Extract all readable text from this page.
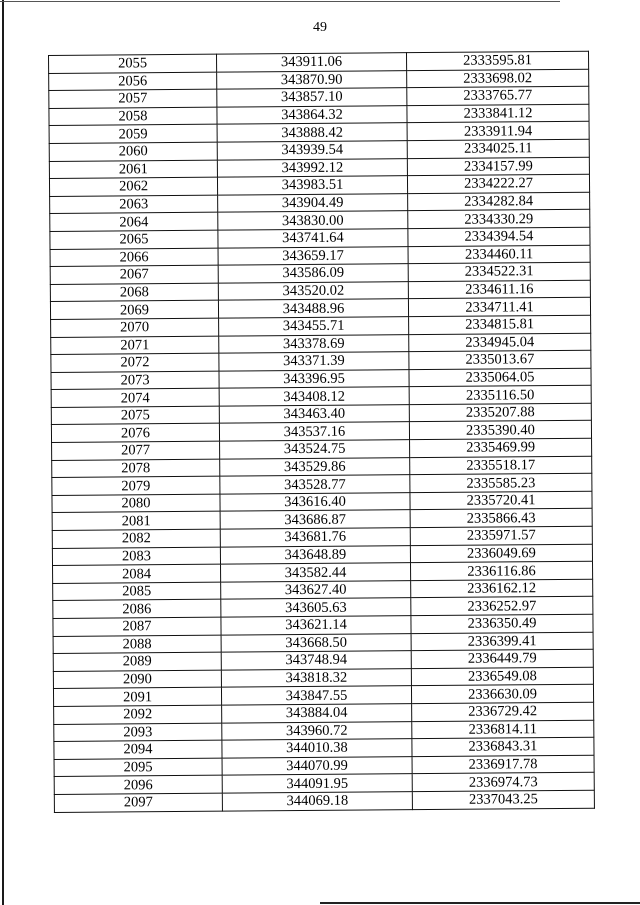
49
2055	343911.06	2333595.81
2056	343870.90	2333698.02
2057	343857.10	2333765.77
2058	343864.32	2333841.12
2059	343888.42	2333911.94
2060	343939.54	2334025.11
2061	343992.12	2334157.99
2062	343983.51	2334222.27
2063	343904.49	2334282.84
2064	343830.00	2334330.29
2065	343741.64	2334394.54
2066	343659.17	2334460.11
2067	343586.09	2334522.31
2068	343520.02	2334611.16
2069	343488.96	2334711.41
2070	343455.71	2334815.81
2071	343378.69	2334945.04
2072	343371.39	2335013.67
2073	343396.95	2335064.05
2074	343408.12	2335116.50
2075	343463.40	2335207.88
2076	343537.16	2335390.40
2077	343524.75	2335469.99
2078	343529.86	2335518.17
2079	343528.77	2335585.23
2080	343616.40	2335720.41
2081	343686.87	2335866.43
2082	343681.76	2335971.57
2083	343648.89	2336049.69
2084	343582.44	2336116.86
2085	343627.40	2336162.12
2086	343605.63	2336252.97
2087	343621.14	2336350.49
2088	343668.50	2336399.41
2089	343748.94	2336449.79
2090	343818.32	2336549.08
2091	343847.55	2336630.09
2092	343884.04	2336729.42
2093	343960.72	2336814.11
2094	344010.38	2336843.31
2095	344070.99	2336917.78
2096	344091.95	2336974.73
2097	344069.18	2337043.25
